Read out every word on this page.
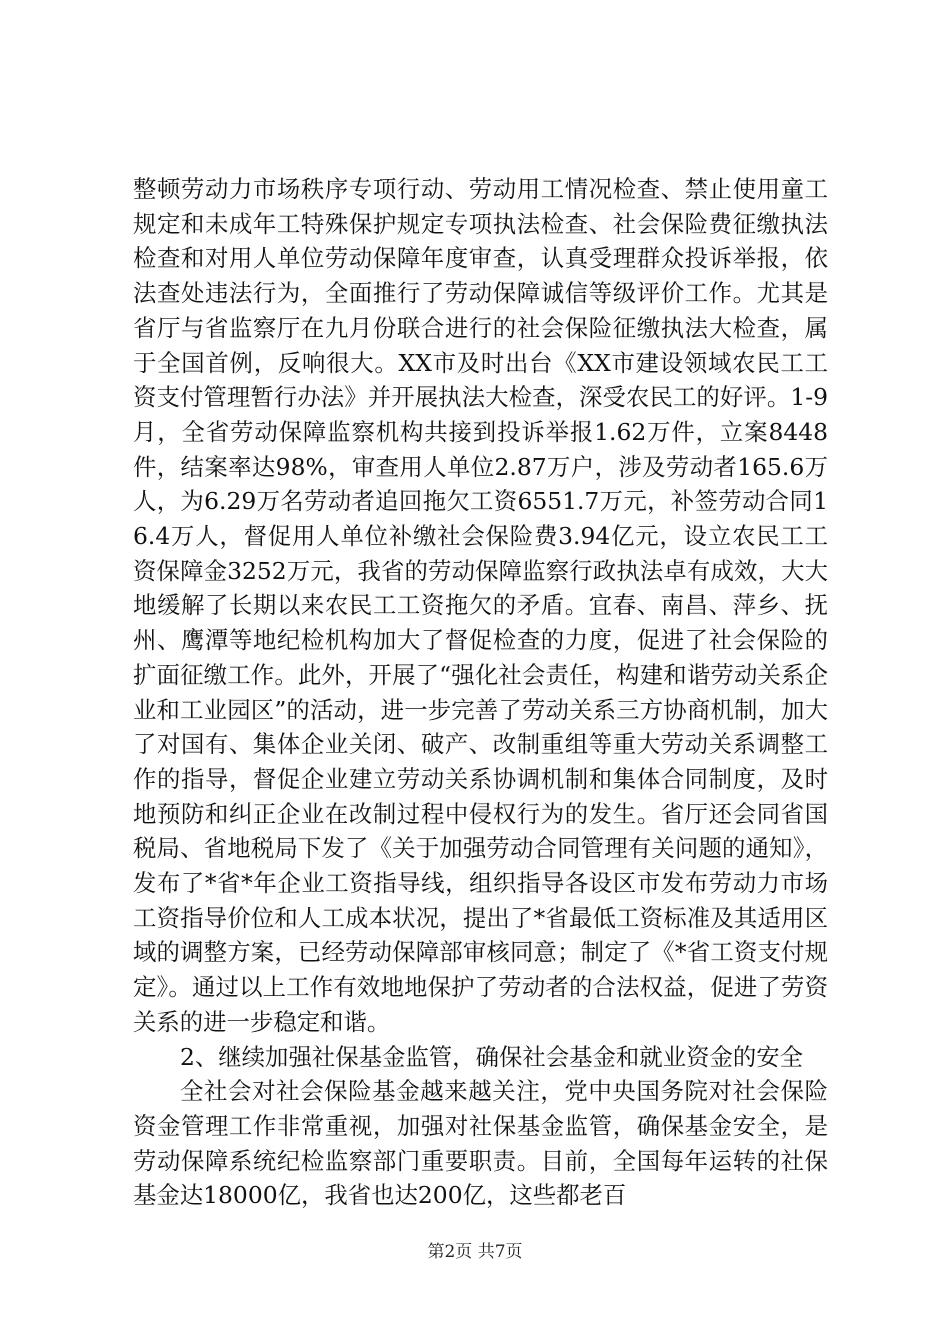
整顿劳动力市场秩序专项行动、劳动用工情况检查、禁止使用童工规定和未成年工特殊保护规定专项执法检查、社会保险费征缴执法检查和对用人单位劳动保障年度审查，认真受理群众投诉举报，依法查处违法行为，全面推行了劳动保障诚信等级评价工作。尤其是省厅与省监察厅在九月份联合进行的社会保险征缴执法大检查，属于全国首例，反响很大。XX市及时出台《XX市建设领域农民工工资支付管理暂行办法》并开展执法大检查，深受农民工的好评。1-9月，全省劳动保障监察机构共接到投诉举报1.62万件，立案8448件，结案率达98%，审查用人单位2.87万户，涉及劳动者165.6万人，为6.29万名劳动者追回拖欠工资6551.7万元，补签劳动合同16.4万人，督促用人单位补缴社会保险费3.94亿元，设立农民工工资保障金3252万元，我省的劳动保障监察行政执法卓有成效，大大地缓解了长期以来农民工工资拖欠的矛盾。宜春、南昌、萍乡、抚州、鹰潭等地纪检机构加大了督促检查的力度，促进了社会保险的扩面征缴工作。此外，开展了“强化社会责任，构建和谐劳动关系企业和工业园区”的活动，进一步完善了劳动关系三方协商机制，加大了对国有、集体企业关闭、破产、改制重组等重大劳动关系调整工作的指导，督促企业建立劳动关系协调机制和集体合同制度，及时地预防和纠正企业在改制过程中侵权行为的发生。省厅还会同省国税局、省地税局下发了《关于加强劳动合同管理有关问题的通知》，发布了*省*年企业工资指导线，组织指导各设区市发布劳动力市场工资指导价位和人工成本状况，提出了*省最低工资标准及其适用区域的调整方案，已经劳动保障部审核同意；制定了《*省工资支付规定》。通过以上工作有效地地保护了劳动者的合法权益，促进了劳资关系的进一步稳定和谐。

2、继续加强社保基金监管，确保社会基金和就业资金的安全

全社会对社会保险基金越来越关注，党中央国务院对社会保险资金管理工作非常重视，加强对社保基金监管，确保基金安全，是劳动保障系统纪检监察部门重要职责。目前，全国每年运转的社保基金达18000亿，我省也达200亿，这些都老百

第2页 共7页
